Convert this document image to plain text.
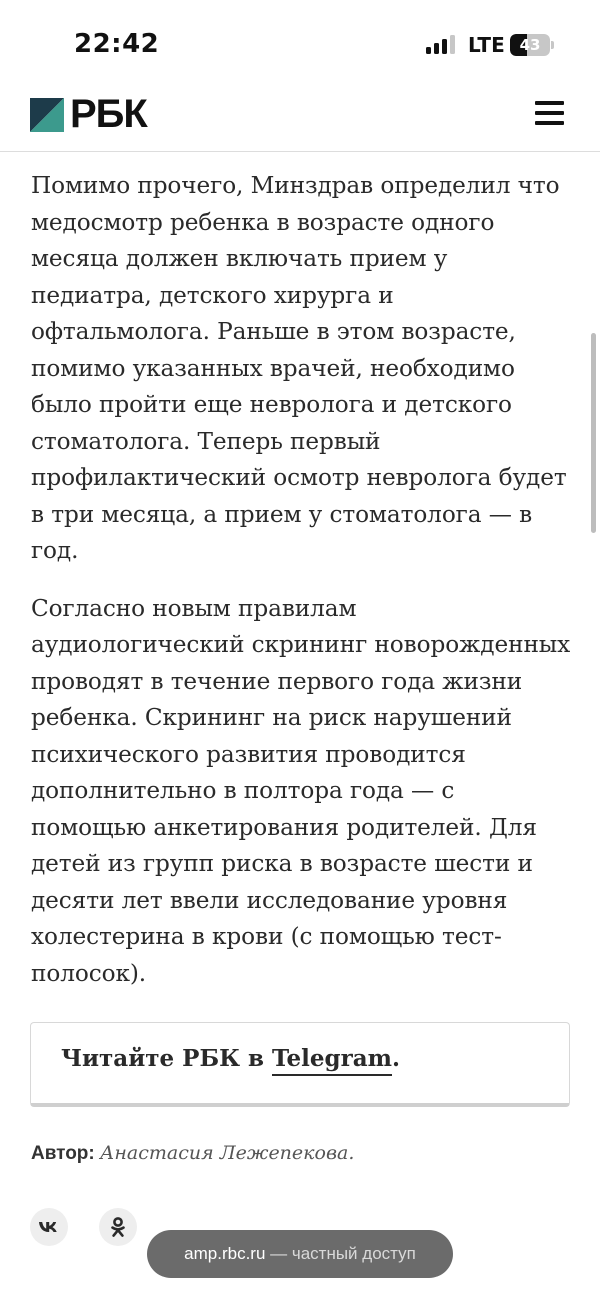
22:42	LTE 43
РБК

Помимо прочего, Минздрав определил что медосмотр ребенка в возрасте одного месяца должен включать прием у педиатра, детского хирурга и офтальмолога. Раньше в этом возрасте, помимо указанных врачей, необходимо было пройти еще невролога и детского стоматолога. Теперь первый профилактический осмотр невролога будет в три месяца, а прием у стоматолога — в год.

Согласно новым правилам аудиологический скрининг новорожденных проводят в течение первого года жизни ребенка. Скрининг на риск нарушений психического развития проводится дополнительно в полтора года — с помощью анкетирования родителей. Для детей из групп риска в возрасте шести и десяти лет ввели исследование уровня холестерина в крови (с помощью тест-полосок).

Читайте РБК в Telegram.
Автор: Анастасия Лежепекова.
amp.rbc.ru — частный доступ
